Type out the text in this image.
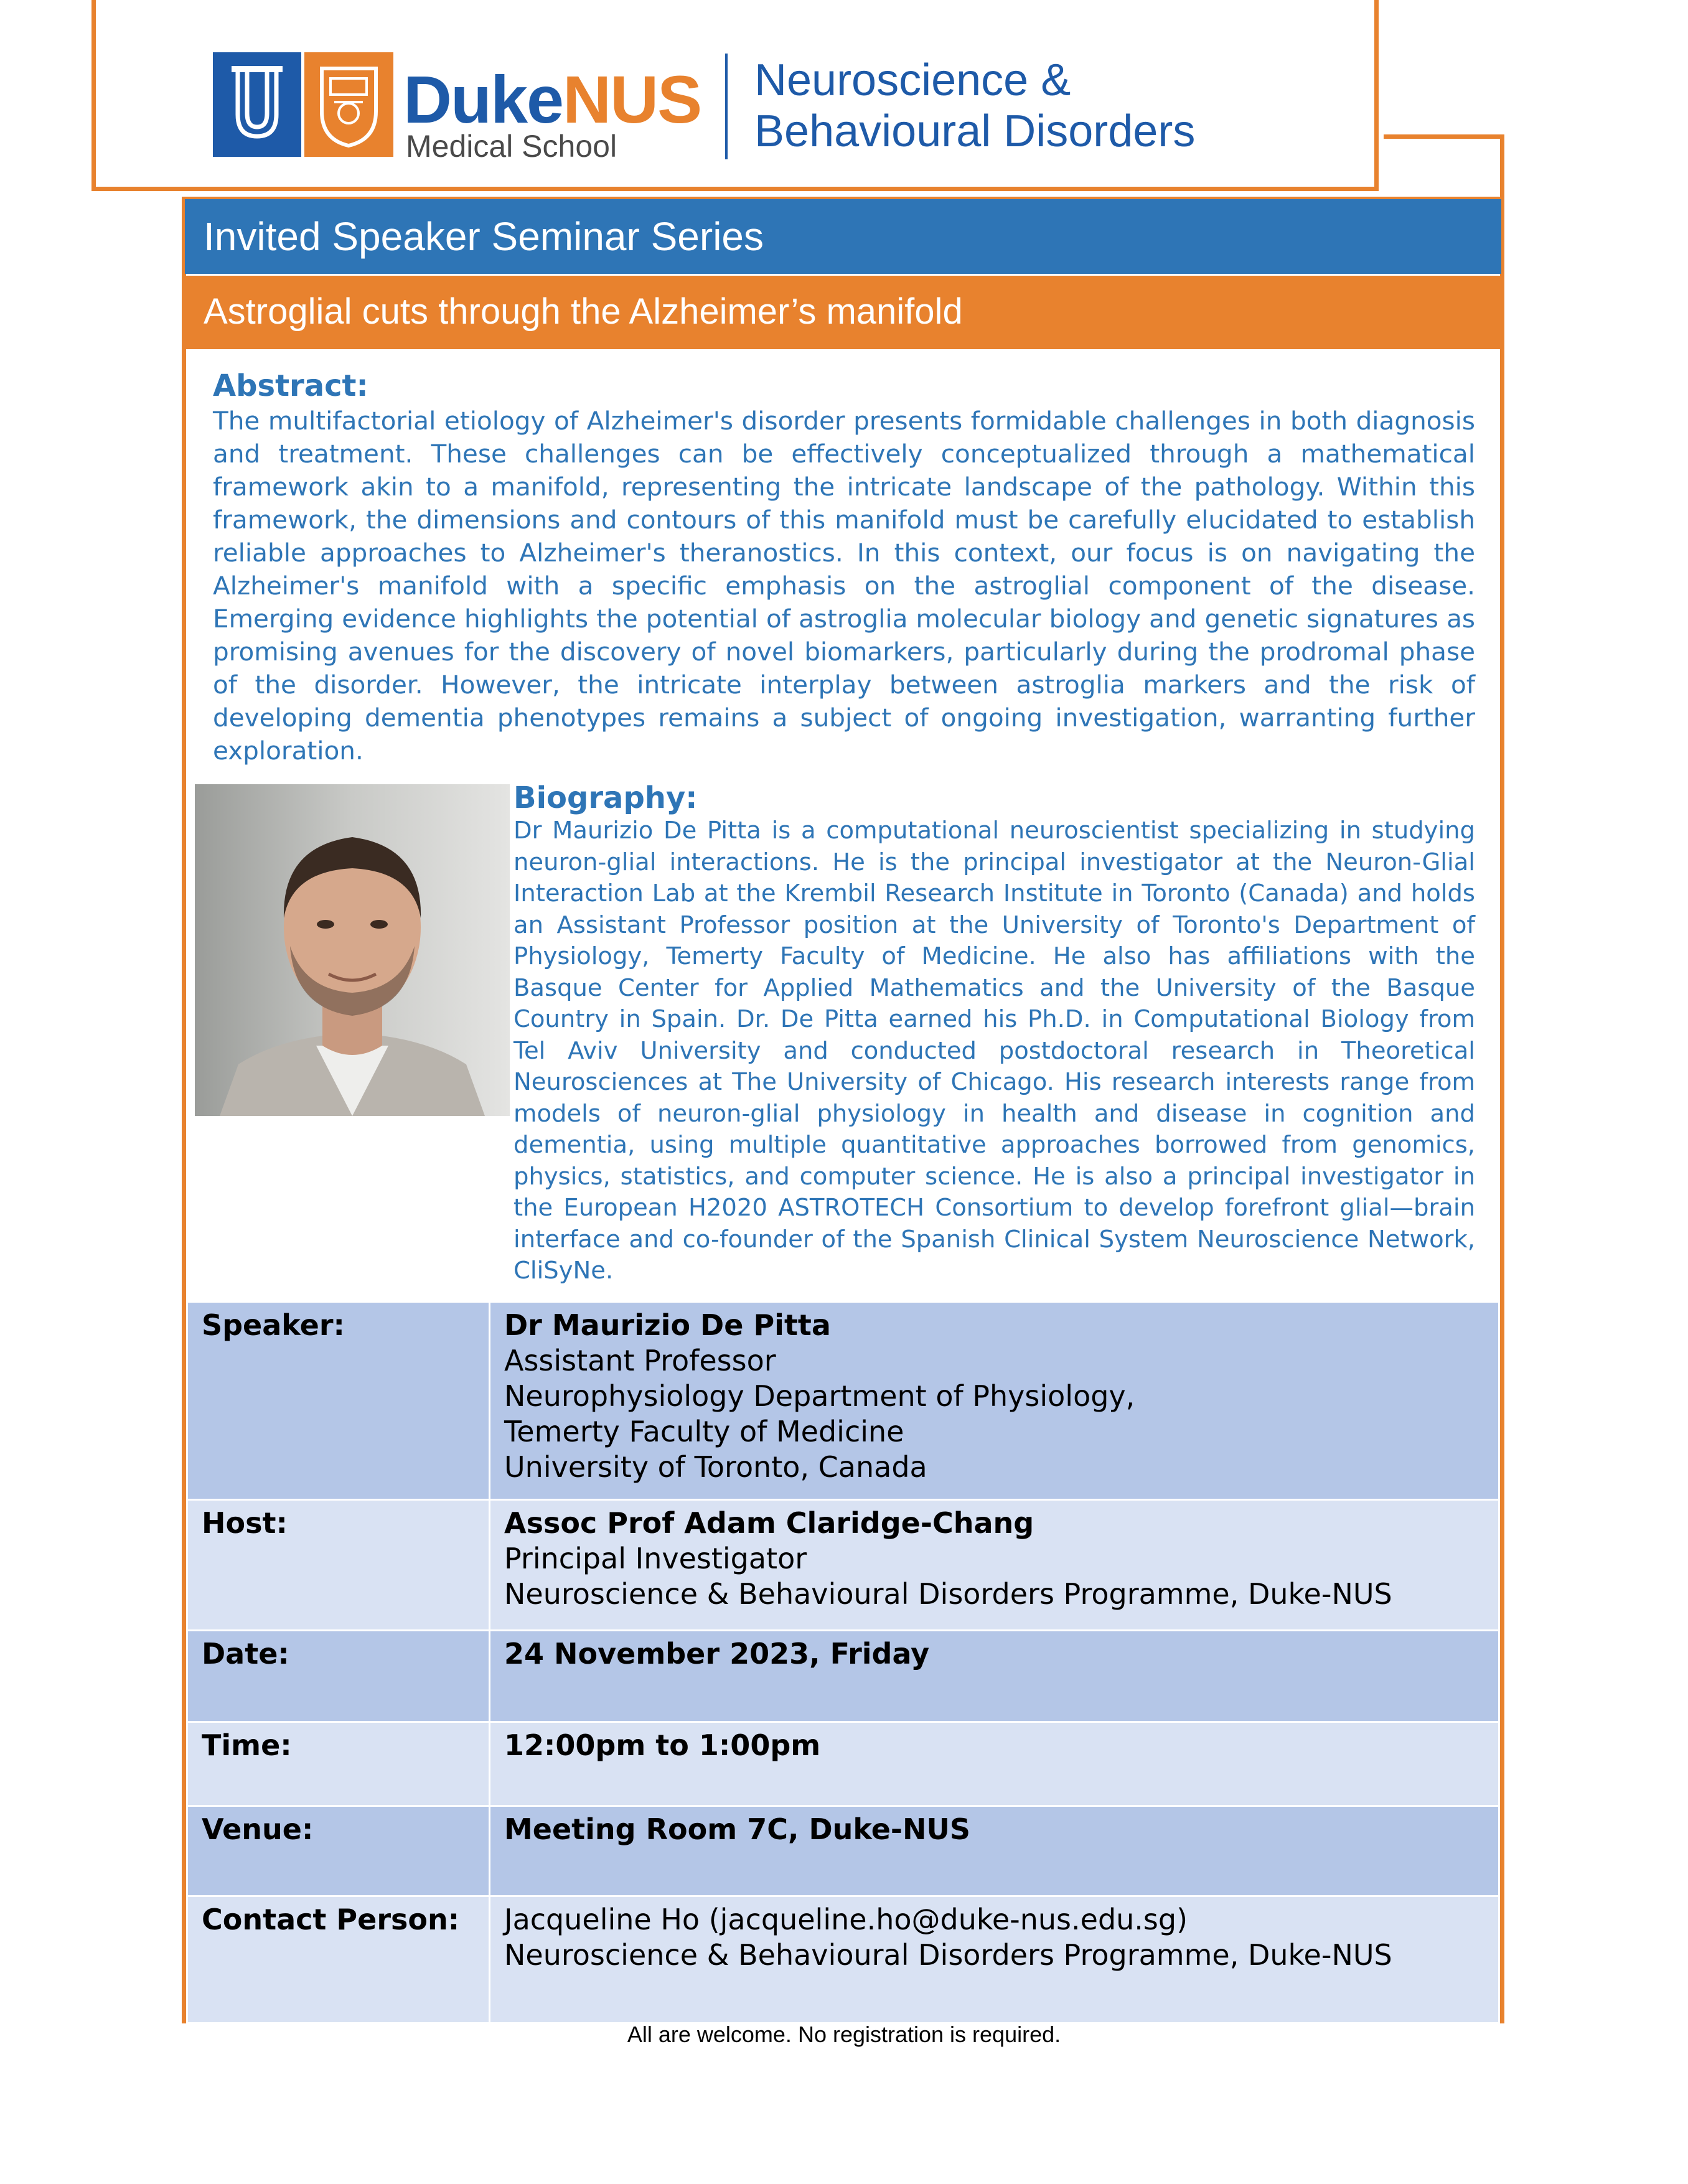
DukeNUS
Medical School
Neuroscience &
Behavioural Disorders
Invited Speaker Seminar Series
Astroglial cuts through the Alzheimer’s manifold
Abstract:
The multifactorial etiology of Alzheimer's disorder presents formidable challenges in both diagnosis and treatment. These challenges can be effectively conceptualized through a mathematical framework akin to a manifold, representing the intricate landscape of the pathology. Within this framework, the dimensions and contours of this manifold must be carefully elucidated to establish reliable approaches to Alzheimer's theranostics. In this context, our focus is on navigating the Alzheimer's manifold with a specific emphasis on the astroglial component of the disease. Emerging evidence highlights the potential of astroglia molecular biology and genetic signatures as promising avenues for the discovery of novel biomarkers, particularly during the prodromal phase of the disorder. However, the intricate interplay between astroglia markers and the risk of developing dementia phenotypes remains a subject of ongoing investigation, warranting further exploration.
Biography:
Dr Maurizio De Pitta is a computational neuroscientist specializing in studying neuron-glial interactions. He is the principal investigator at the Neuron-Glial Interaction Lab at the Krembil Research Institute in Toronto (Canada) and holds an Assistant Professor position at the University of Toronto's Department of Physiology, Temerty Faculty of Medicine. He also has affiliations with the Basque Center for Applied Mathematics and the University of the Basque Country in Spain. Dr. De Pitta earned his Ph.D. in Computational Biology from Tel Aviv University and conducted postdoctoral research in Theoretical Neurosciences at The University of Chicago. His research interests range from models of neuron-glial physiology in health and disease in cognition and dementia, using multiple quantitative approaches borrowed from genomics, physics, statistics, and computer science. He is also a principal investigator in the European H2020 ASTROTECH Consortium to develop forefront glial—brain interface and co-founder of the Spanish Clinical System Neuroscience Network, CliSyNe.
Speaker:	Dr Maurizio De Pitta
Assistant Professor
Neurophysiology Department of Physiology,
Temerty Faculty of Medicine
University of Toronto, Canada

Host:	Assoc Prof Adam Claridge-Chang
Principal Investigator
Neuroscience & Behavioural Disorders Programme, Duke-NUS

Date:	24 November 2023, Friday

Time:	12:00pm to 1:00pm

Venue:	Meeting Room 7C, Duke-NUS

Contact Person:	Jacqueline Ho (jacqueline.ho@duke-nus.edu.sg)
Neuroscience & Behavioural Disorders Programme, Duke-NUS
All are welcome. No registration is required.
